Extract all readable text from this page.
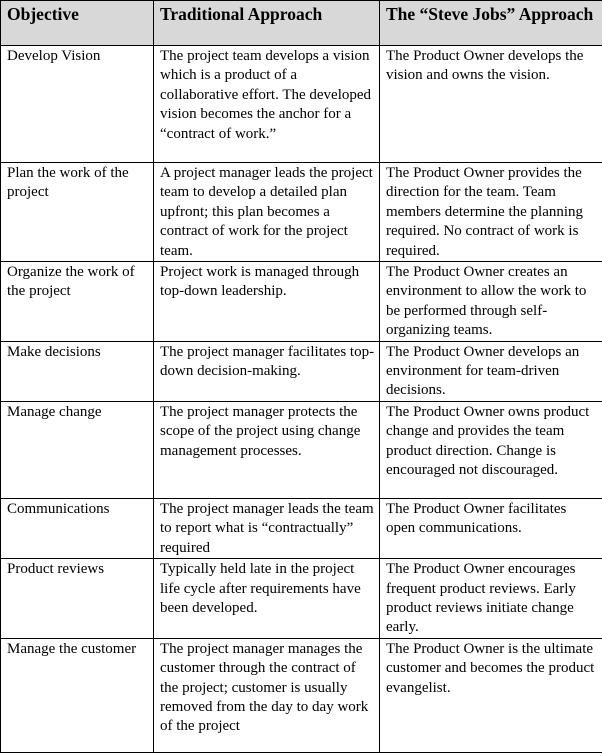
Objective	Traditional Approach	The “Steve Jobs” Approach
Develop Vision	The project team develops a vision which is a product of a collaborative effort. The developed vision becomes the anchor for a “contract of work.”	The Product Owner develops the vision and owns the vision.
Plan the work of the project	A project manager leads the project team to develop a detailed plan upfront; this plan becomes a contract of work for the project team.	The Product Owner provides the direction for the team. Team members determine the planning required. No contract of work is required.
Organize the work of the project	Project work is managed through top-down leadership.	The Product Owner creates an environment to allow the work to be performed through self-organizing teams.
Make decisions	The project manager facilitates top-down decision-making.	The Product Owner develops an environment for team-driven decisions.
Manage change	The project manager protects the scope of the project using change management processes.	The Product Owner owns product change and provides the team product direction. Change is encouraged not discouraged.
Communications	The project manager leads the team to report what is “contractually” required	The Product Owner facilitates open communications.
Product reviews	Typically held late in the project life cycle after requirements have been developed.	The Product Owner encourages frequent product reviews. Early product reviews initiate change early.
Manage the customer	The project manager manages the customer through the contract of the project; customer is usually removed from the day to day work of the project	The Product Owner is the ultimate customer and becomes the product evangelist.
